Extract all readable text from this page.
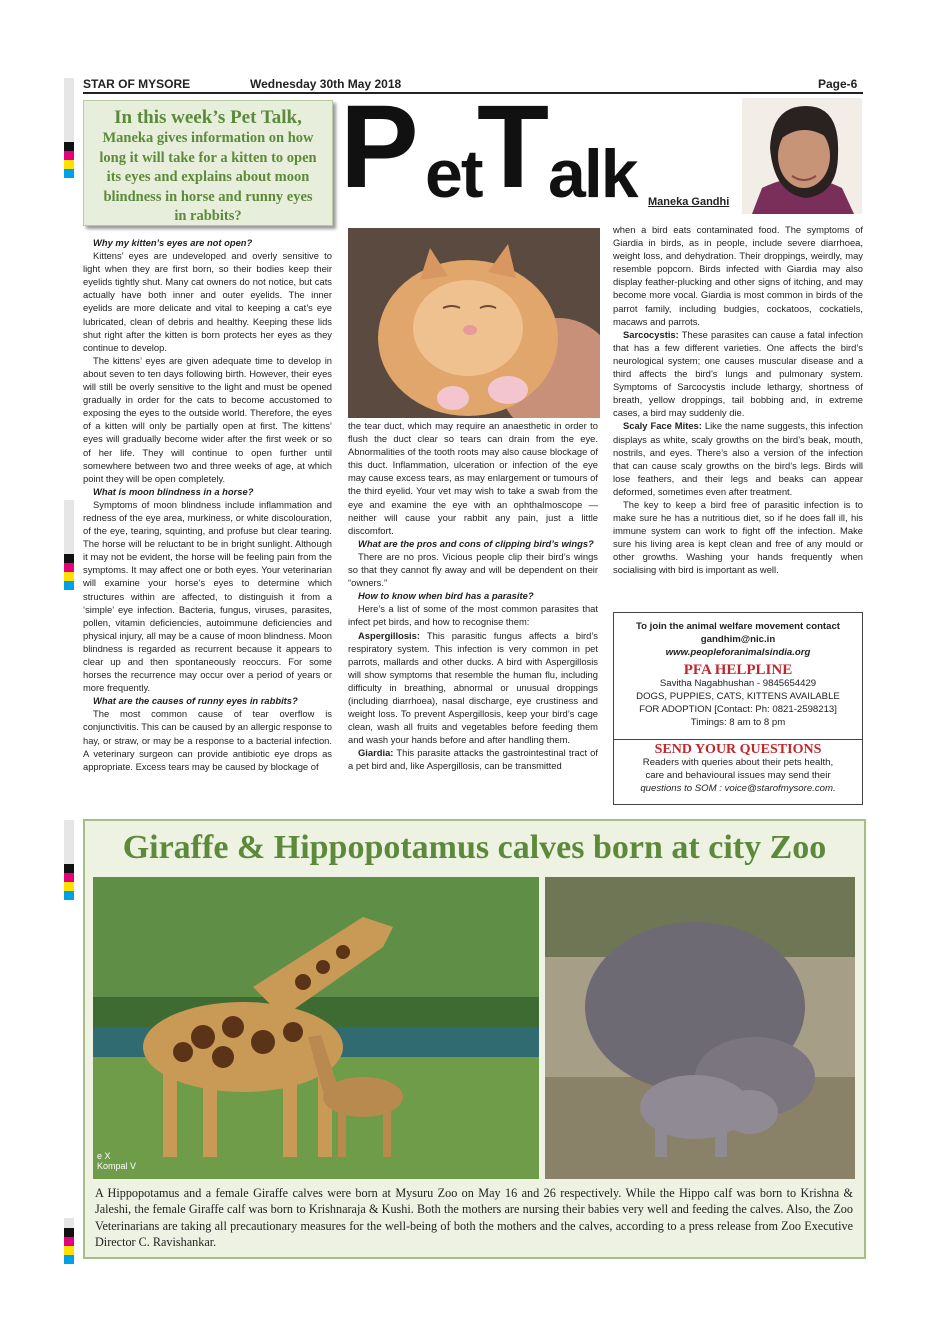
STAR OF MYSORE	Wednesday 30th May 2018	Page-6
In this week’s Pet Talk,
Maneka gives information on how long it will take for a kitten to open its eyes and explains about moon blindness in horse and runny eyes in rabbits?
P et
T
alk Maneka Gandhi

Why my kitten’s eyes are not open?

Kittens’ eyes are undeveloped and overly sensitive to light when they are first born, so their bodies keep their eyelids tightly shut. Many cat owners do not notice, but cats actually have both inner and outer eyelids. The inner eyelids are more delicate and vital to keeping a cat’s eye lubricated, clean of debris and healthy. Keeping these lids shut right after the kitten is born protects her eyes as they continue to develop.

The kittens’ eyes are given adequate time to develop in about seven to ten days following birth. However, their eyes will still be overly sensitive to the light and must be opened gradually in order for the cats to become accustomed to exposing the eyes to the outside world. Therefore, the eyes of a kitten will only be partially open at first. The kittens’ eyes will gradually become wider after the first week or so of her life. They will continue to open further until somewhere between two and three weeks of age, at which point they will be open completely.

What is moon blindness in a horse?

Symptoms of moon blindness include inflammation and redness of the eye area, murkiness, or white discolouration, of the eye, tearing, squinting, and profuse but clear tearing. The horse will be reluctant to be in bright sunlight. Although it may not be evident, the horse will be feeling pain from the symptoms. It may affect one or both eyes. Your veterinarian will examine your horse’s eyes to determine which structures within are affected, to distinguish it from a ‘simple’ eye infection. Bacteria, fungus, viruses, parasites, pollen, vitamin deficiencies, autoimmune deficiencies and physical injury, all may be a cause of moon blindness. Moon blindness is regarded as recurrent because it appears to clear up and then spontaneously reoccurs. For some horses the recurrence may occur over a period of years or more frequently.

What are the causes of runny eyes in rabbits?

The most common cause of tear overflow is conjunctivitis. This can be caused by an allergic response to hay, or straw, or may be a response to a bacterial infection. A veterinary surgeon can provide antibiotic eye drops as appropriate. Excess tears may be caused by blockage of

the tear duct, which may require an anaesthetic in order to flush the duct clear so tears can drain from the eye. Abnormalities of the tooth roots may also cause blockage of this duct. Inflammation, ulceration or infection of the eye may cause excess tears, as may enlargement or tumours of the third eyelid. Your vet may wish to take a swab from the eye and examine the eye with an ophthalmoscope — neither will cause your rabbit any pain, just a little discomfort.

What are the pros and cons of clipping bird’s wings?

There are no pros. Vicious people clip their bird’s wings so that they cannot fly away and will be dependent on their “owners.”

How to know when bird has a parasite?

Here’s a list of some of the most common parasites that infect pet birds, and how to recognise them:

Aspergillosis: This parasitic fungus affects a bird’s respiratory system. This infection is very common in pet parrots, mallards and other ducks. A bird with Aspergillosis will show symptoms that resemble the human flu, including difficulty in breathing, abnormal or unusual droppings (including diarrhoea), nasal discharge, eye crustiness and weight loss. To prevent Aspergillosis, keep your bird’s cage clean, wash all fruits and vegetables before feeding them and wash your hands before and after handling them.

Giardia: This parasite attacks the gastrointestinal tract of a pet bird and, like Aspergillosis, can be transmitted

when a bird eats contaminated food. The symptoms of Giardia in birds, as in people, include severe diarrhoea, weight loss, and dehydration. Their droppings, weirdly, may resemble popcorn. Birds infected with Giardia may also display feather-plucking and other signs of itching, and may become more vocal. Giardia is most common in birds of the parrot family, including budgies, cockatoos, cockatiels, macaws and parrots.

Sarcocystis: These parasites can cause a fatal infection that has a few different varieties. One affects the bird’s neurological system; one causes muscular disease and a third affects the bird’s lungs and pulmonary system. Symptoms of Sarcocystis include lethargy, shortness of breath, yellow droppings, tail bobbing and, in extreme cases, a bird may suddenly die.

Scaly Face Mites: Like the name suggests, this infection displays as white, scaly growths on the bird’s beak, mouth, nostrils, and eyes. There’s also a version of the infection that can cause scaly growths on the bird’s legs. Birds will lose feathers, and their legs and beaks can appear deformed, sometimes even after treatment.

The key to keep a bird free of parasitic infection is to make sure he has a nutritious diet, so if he does fall ill, his immune system can work to fight off the infection. Make sure his living area is kept clean and free of any mould or other growths. Washing your hands frequently when socialising with bird is important as well.

To join the animal welfare movement contact
gandhim@nic.in
www.peopleforanimalsindia.org
PFA HELPLINE
Savitha Nagabhushan - 9845654429
DOGS, PUPPIES, CATS, KITTENS AVAILABLE
FOR ADOPTION [Contact: Ph: 0821-2598213]
Timings: 8 am to 8 pm
SEND YOUR QUESTIONS
Readers with queries about their pets health,
care and behavioural issues may send their
questions to SOM : voice@starofmysore.com.
Giraffe & Hippopotamus calves born at city Zoo
e X
Kompal V
A Hippopotamus and a female Giraffe calves were born at Mysuru Zoo on May 16 and 26 respectively. While the Hippo calf was born to Krishna & Jaleshi, the female Giraffe calf was born to Krishnaraja & Kushi. Both the mothers are nursing their babies very well and feeding the calves. Also, the Zoo Veterinarians are taking all precautionary measures for the well-being of both the mothers and the calves, according to a press release from Zoo Executive Director C. Ravishankar.
